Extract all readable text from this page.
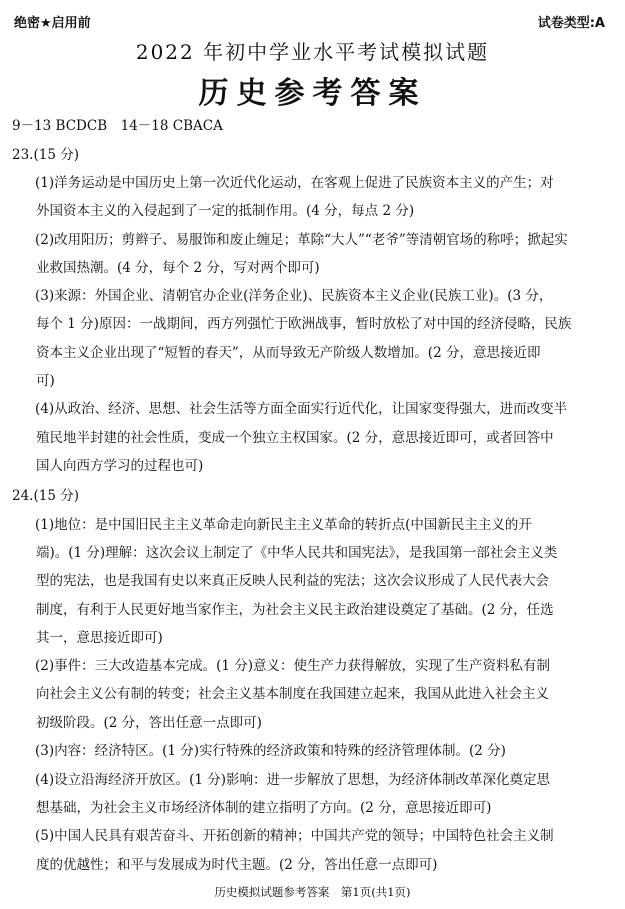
绝密★启用前	试卷类型:A
2022 年初中学业水平考试模拟试题
历史参考答案
9－13 BCDCB　14－18 CBACA
23.(15 分)
(1)洋务运动是中国历史上第一次近代化运动，在客观上促进了民族资本主义的产生；对
外国资本主义的入侵起到了一定的抵制作用。(4 分，每点 2 分)
(2)改用阳历；剪辫子、易服饰和废止缠足；革除“大人”“老爷”等清朝官场的称呼；掀起实
业救国热潮。(4 分，每个 2 分，写对两个即可)
(3)来源：外国企业、清朝官办企业(洋务企业)、民族资本主义企业(民族工业)。(3 分，
每个 1 分)原因：一战期间，西方列强忙于欧洲战事，暂时放松了对中国的经济侵略，民族
资本主义企业出现了“短暂的春天”，从而导致无产阶级人数增加。(2 分，意思接近即
可)
(4)从政治、经济、思想、社会生活等方面全面实行近代化，让国家变得强大，进而改变半
殖民地半封建的社会性质，变成一个独立主权国家。(2 分，意思接近即可，或者回答中
国人向西方学习的过程也可)
24.(15 分)
(1)地位：是中国旧民主主义革命走向新民主主义革命的转折点(中国新民主主义的开
端)。(1 分)理解：这次会议上制定了《中华人民共和国宪法》，是我国第一部社会主义类
型的宪法，也是我国有史以来真正反映人民利益的宪法；这次会议形成了人民代表大会
制度，有利于人民更好地当家作主，为社会主义民主政治建设奠定了基础。(2 分，任选
其一，意思接近即可)
(2)事件：三大改造基本完成。(1 分)意义：使生产力获得解放，实现了生产资料私有制
向社会主义公有制的转变；社会主义基本制度在我国建立起来，我国从此进入社会主义
初级阶段。(2 分，答出任意一点即可)
(3)内容：经济特区。(1 分)实行特殊的经济政策和特殊的经济管理体制。(2 分)
(4)设立沿海经济开放区。(1 分)影响：进一步解放了思想，为经济体制改革深化奠定思
想基础，为社会主义市场经济体制的建立指明了方向。(2 分，意思接近即可)
(5)中国人民具有艰苦奋斗、开拓创新的精神；中国共产党的领导；中国特色社会主义制
度的优越性；和平与发展成为时代主题。(2 分，答出任意一点即可)
历史模拟试题参考答案　第1页(共1页)
